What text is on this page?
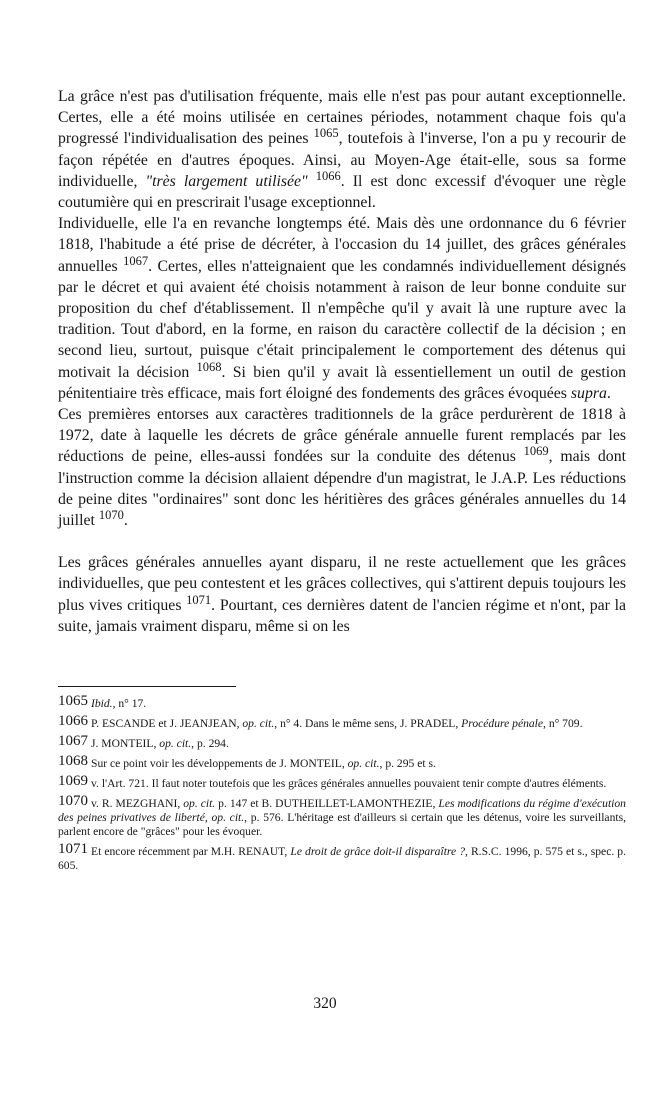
La grâce n'est pas d'utilisation fréquente, mais elle n'est pas pour autant exceptionnelle. Certes, elle a été moins utilisée en certaines périodes, notamment chaque fois qu'a progressé l'individualisation des peines $^{1065}$, toutefois à l'inverse, l'on a pu y recourir de façon répétée en d'autres époques. Ainsi, au Moyen-Age était-elle, sous sa forme individuelle, "très largement utilisée" $^{1066}$. Il est donc excessif d'évoquer une règle coutumière qui en prescrirait l'usage exceptionnel.

Individuelle, elle l'a en revanche longtemps été. Mais dès une ordonnance du 6 février 1818, l'habitude a été prise de décréter, à l'occasion du 14 juillet, des grâces générales annuelles $^{1067}$. Certes, elles n'atteignaient que les condamnés individuellement désignés par le décret et qui avaient été choisis notamment à raison de leur bonne conduite sur proposition du chef d'établissement. Il n'empêche qu'il y avait là une rupture avec la tradition. Tout d'abord, en la forme, en raison du caractère collectif de la décision ; en second lieu, surtout, puisque c'était principalement le comportement des détenus qui motivait la décision $^{1068}$. Si bien qu'il y avait là essentiellement un outil de gestion pénitentiaire très efficace, mais fort éloigné des fondements des grâces évoquées supra.

Ces premières entorses aux caractères traditionnels de la grâce perdurèrent de 1818 à 1972, date à laquelle les décrets de grâce générale annuelle furent remplacés par les réductions de peine, elles-aussi fondées sur la conduite des détenus $^{1069}$, mais dont l'instruction comme la décision allaient dépendre d'un magistrat, le J.A.P. Les réductions de peine dites "ordinaires" sont donc les héritières des grâces générales annuelles du 14 juillet $^{1070}$.

Les grâces générales annuelles ayant disparu, il ne reste actuellement que les grâces individuelles, que peu contestent et les grâces collectives, qui s'attirent depuis toujours les plus vives critiques $^{1071}$. Pourtant, ces dernières datent de l'ancien régime et n'ont, par la suite, jamais vraiment disparu, même si on les

1065 Ibid., n° 17.

1066 P. ESCANDE et J. JEANJEAN, op. cit., n° 4. Dans le même sens, J. PRADEL, Procédure pénale, n° 709.

1067 J. MONTEIL, op. cit., p. 294.

1068 Sur ce point voir les développements de J. MONTEIL, op. cit., p. 295 et s.

1069 v. l'Art. 721. Il faut noter toutefois que les grâces générales annuelles pouvaient tenir compte d'autres éléments.

1070 v. R. MEZGHANI, op. cit. p. 147 et B. DUTHEILLET-LAMONTHEZIE, Les modifications du régime d'exécution des peines privatives de liberté, op. cit., p. 576. L'héritage est d'ailleurs si certain que les détenus, voire les surveillants, parlent encore de "grâces" pour les évoquer.

1071 Et encore récemment par M.H. RENAUT, Le droit de grâce doit-il disparaître ?, R.S.C. 1996, p. 575 et s., spec. p. 605.

320
